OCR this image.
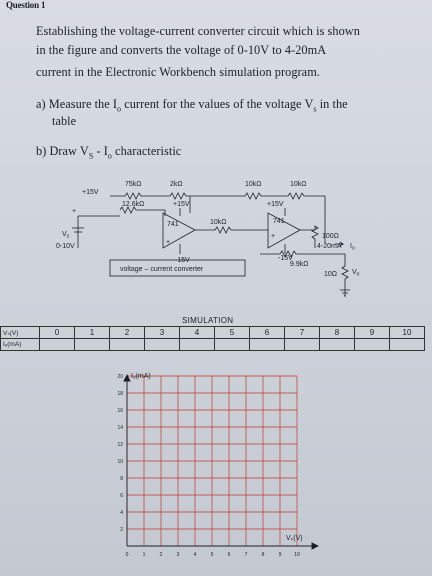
Question 1
Establishing the voltage-current converter circuit which is shown
in the figure and converts the voltage of 0-10V to 4-20mA
current in the Electronic Workbench simulation program.
a) Measure the $I_o$ current for the values of the voltage $V_s$ in the
table
b) Draw $V_S - I_o$ characteristic
75kΩ	2kΩ	10kΩ	10kΩ
+15V
12.6kΩ	+15V	+15V
741	741
10kΩ
+
+
-15V	-15V
100Ω
9.9kΩ
+
$V_s$
0-10V	4-20mA $I_o$
10Ω $V_o$
voltage – current converter
SIMULATION
Vₛ(V)	0	1	2	3	4	5	6	7	8	9	10
Iₒ(mA)											
Iₒ(mA)
Vₛ(V)
20
18
16
14
12
10
8
6
4
2
0	1	2	3	4	5	6	7	8	9	10
